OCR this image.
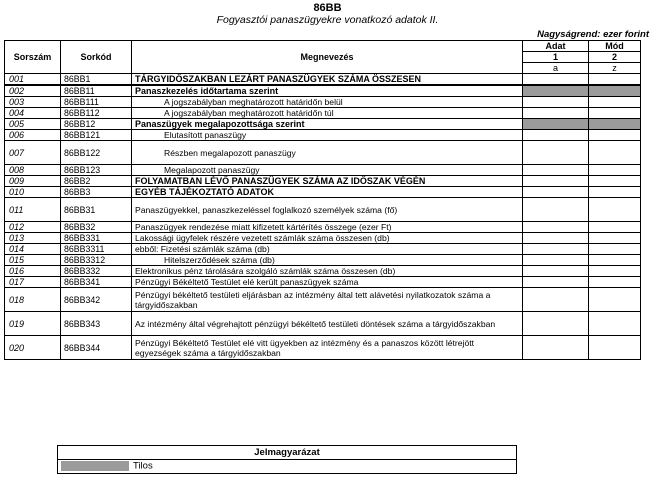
86BB
Fogyasztói panaszügyekre vonatkozó adatok II.
Nagyságrend: ezer forint
Sorszám	Sorkód	Megnevezés	Adat	Mód
			1	2
			a	z
001	86BB1	TÁRGYIDŐSZAKBAN LEZÁRT PANASZÜGYEK SZÁMA ÖSSZESEN		
002	86BB11	Panaszkezelés időtartama szerint		
003	86BB111	A jogszabályban meghatározott határidőn belül		
004	86BB112	A jogszabályban meghatározott határidőn túl		
005	86BB12	Panaszügyek megalapozottsága szerint		
006	86BB121	Elutasított panaszügy		
007	86BB122	Részben megalapozott panaszügy		
008	86BB123	Megalapozott panaszügy		
009	86BB2	FOLYAMATBAN LÉVŐ PANASZÜGYEK SZÁMA AZ IDŐSZAK VÉGÉN		
010	86BB3	EGYÉB TÁJÉKOZTATÓ ADATOK		
011	86BB31	Panaszügyekkel, panaszkezeléssel foglalkozó személyek száma (fő)		
012	86BB32	Panaszügyek rendezése miatt kifizetett kártérítés összege (ezer Ft)		
013	86BB331	Lakossági ügyfelek részére vezetett számlák száma összesen (db)		
014	86BB3311	ebből: Fizetési számlák száma (db)		
015	86BB3312	Hitelszerződések száma (db)		
016	86BB332	Elektronikus pénz tárolására szolgáló számlák száma összesen (db)		
017	86BB341	Pénzügyi Békéltető Testület elé került panaszügyek száma		
018	86BB342	Pénzügyi békéltető testületi eljárásban az intézmény által tett alávetési nyilatkozatok száma a tárgyidőszakban		
019	86BB343	Az intézmény által végrehajtott pénzügyi békéltető testületi döntések száma a tárgyidőszakban		
020	86BB344	Pénzügyi Békéltető Testület elé vitt ügyekben az intézmény és a panaszos között létrejött egyezségek száma a tárgyidőszakban		
Jelmagyarázat
Tilos
